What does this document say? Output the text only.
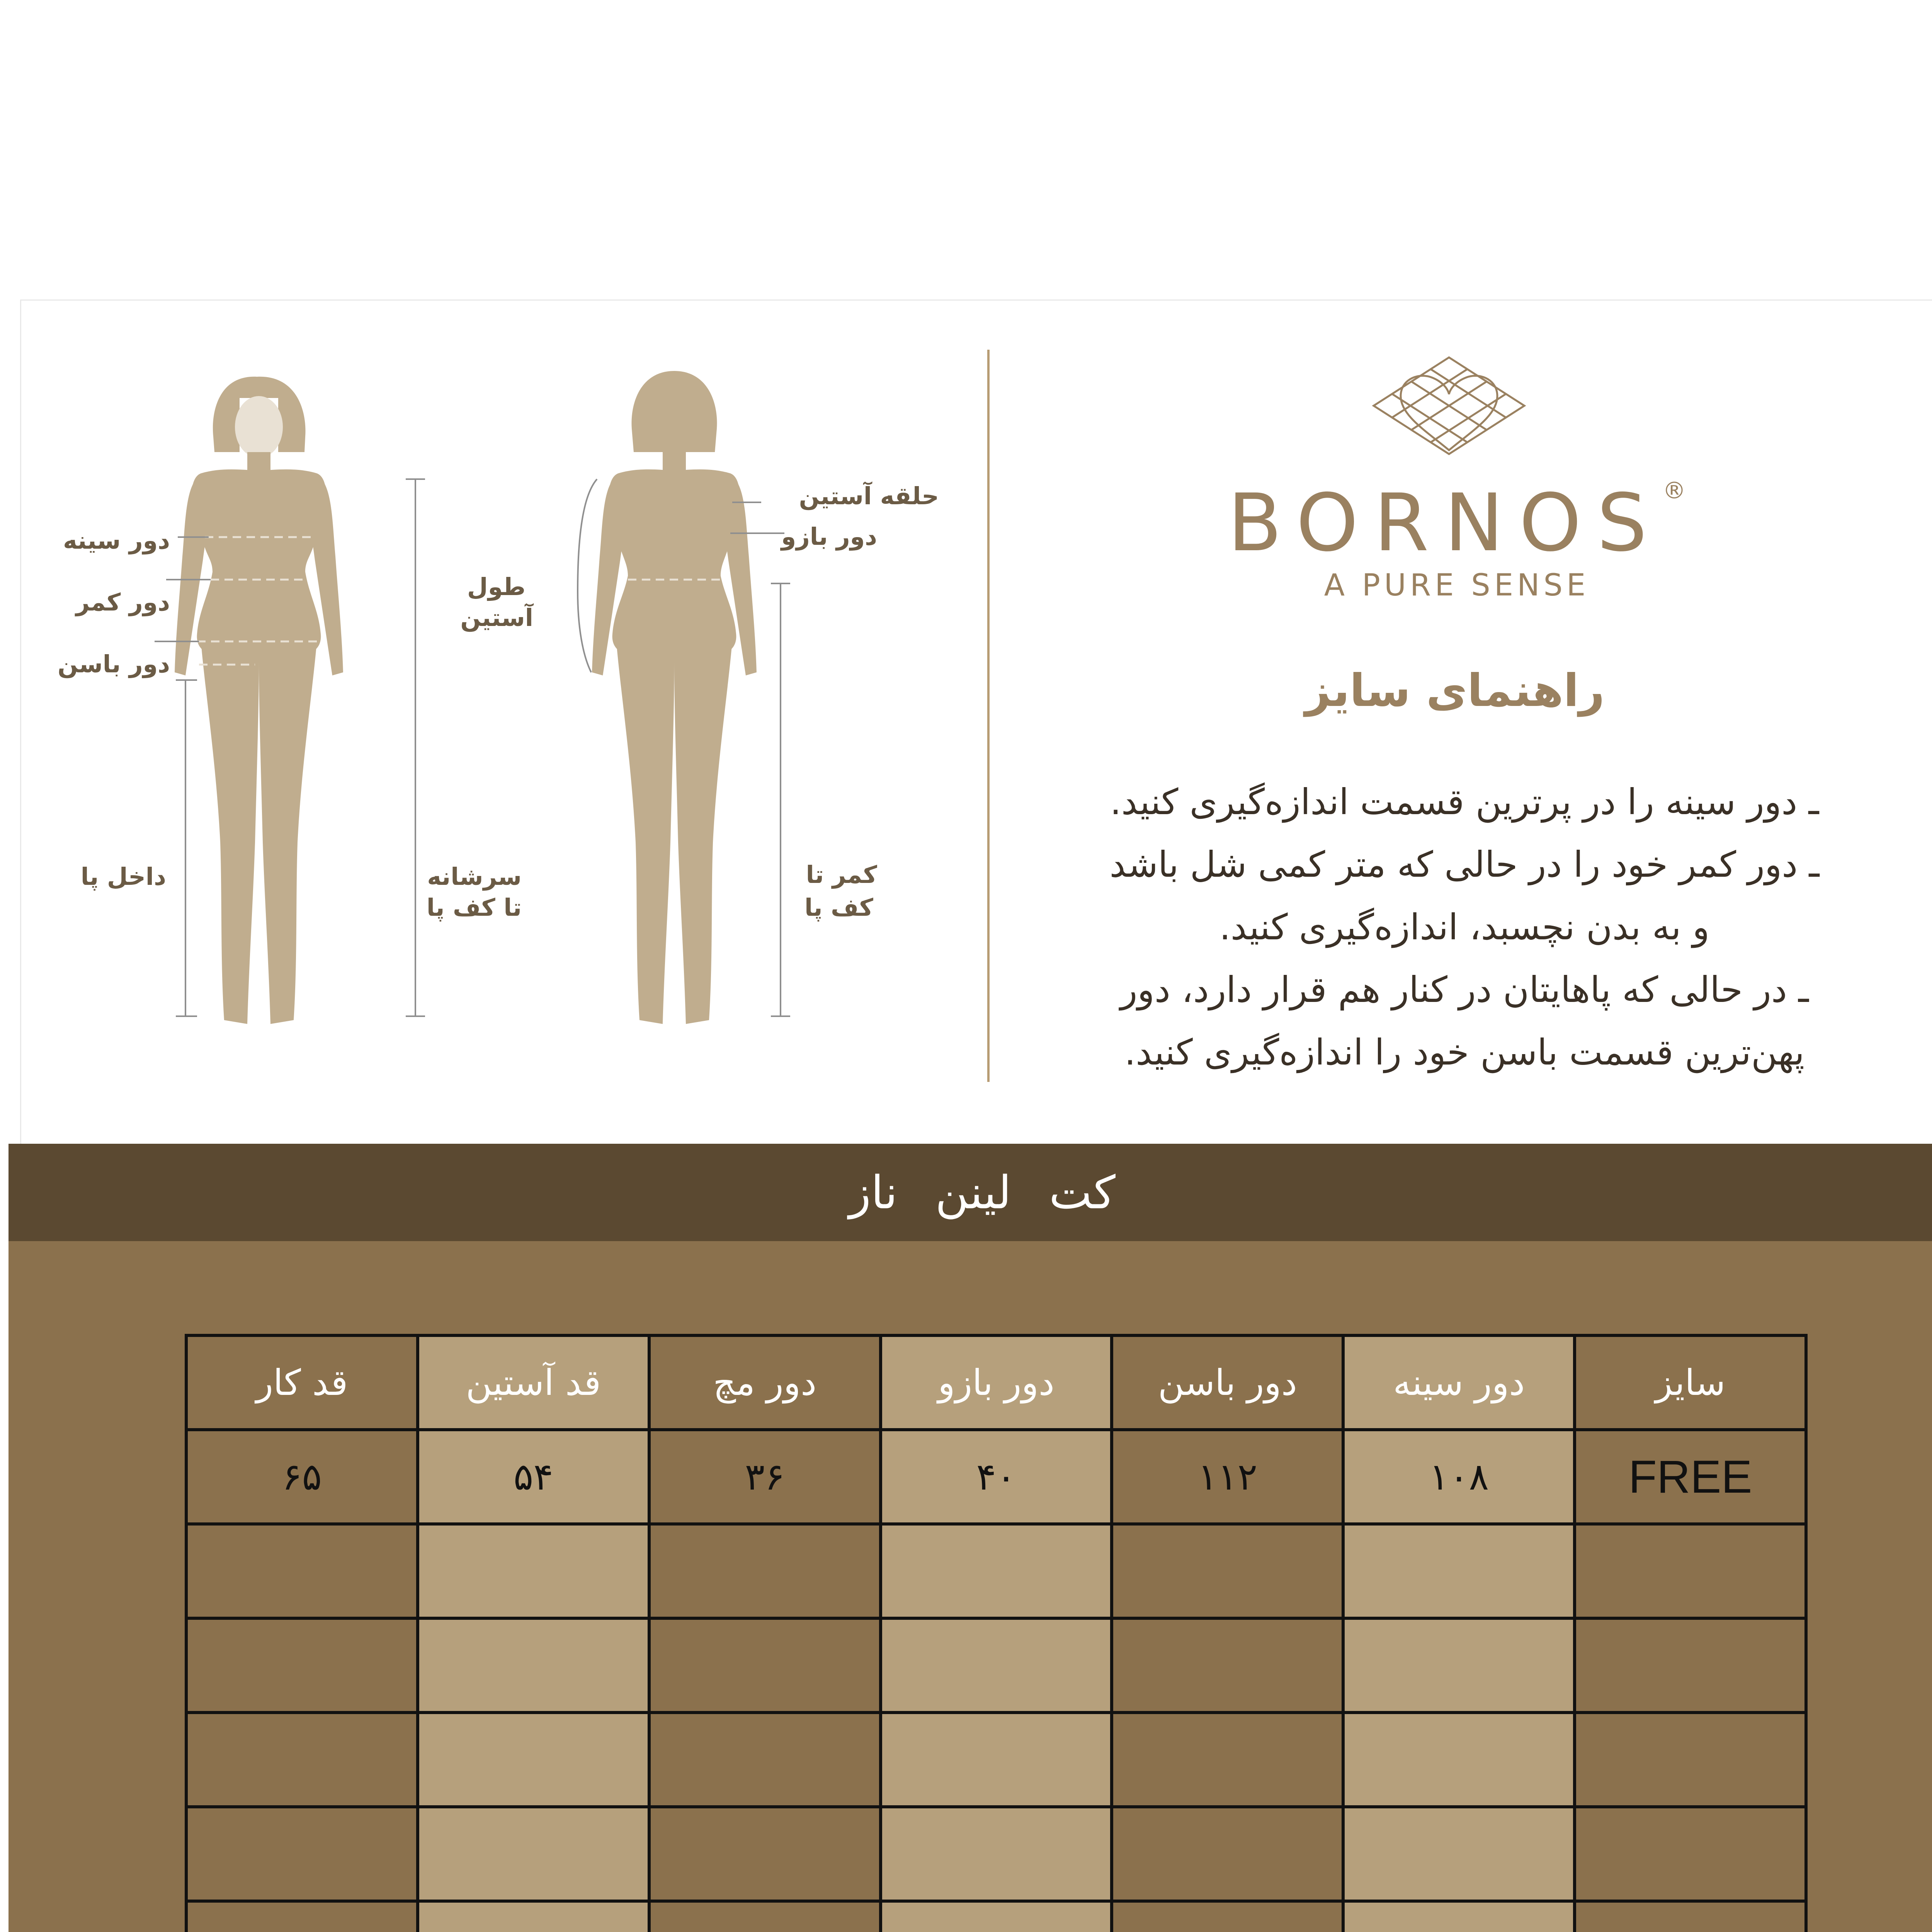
دور سینه
دور کمر
دور باسن
داخل پا	سرشانه
تا کف پا
طول
آستین
حلقه آستین
دور بازو
کمر تا
کف پا
BORNOS®
A PURE SENSE
راهنمای سایز
ـ دور سینه را در پرترین قسمت اندازه‌گیری کنید.
ـ دور کمر خود را در حالی که متر کمی شل باشد
و به بدن نچسبد، اندازه‌گیری کنید.
ـ در حالی که پاهایتان در کنار هم قرار دارد، دور
پهن‌ترین قسمت باسن خود را اندازه‌گیری کنید.
کت لینن ناز
سایز	دور سینه	دور باسن	دور بازو	دور مچ	قد آستین	قد کار
FREE	۱۰۸	۱۱۲	۴۰	۳۶	۵۴	۶۵
